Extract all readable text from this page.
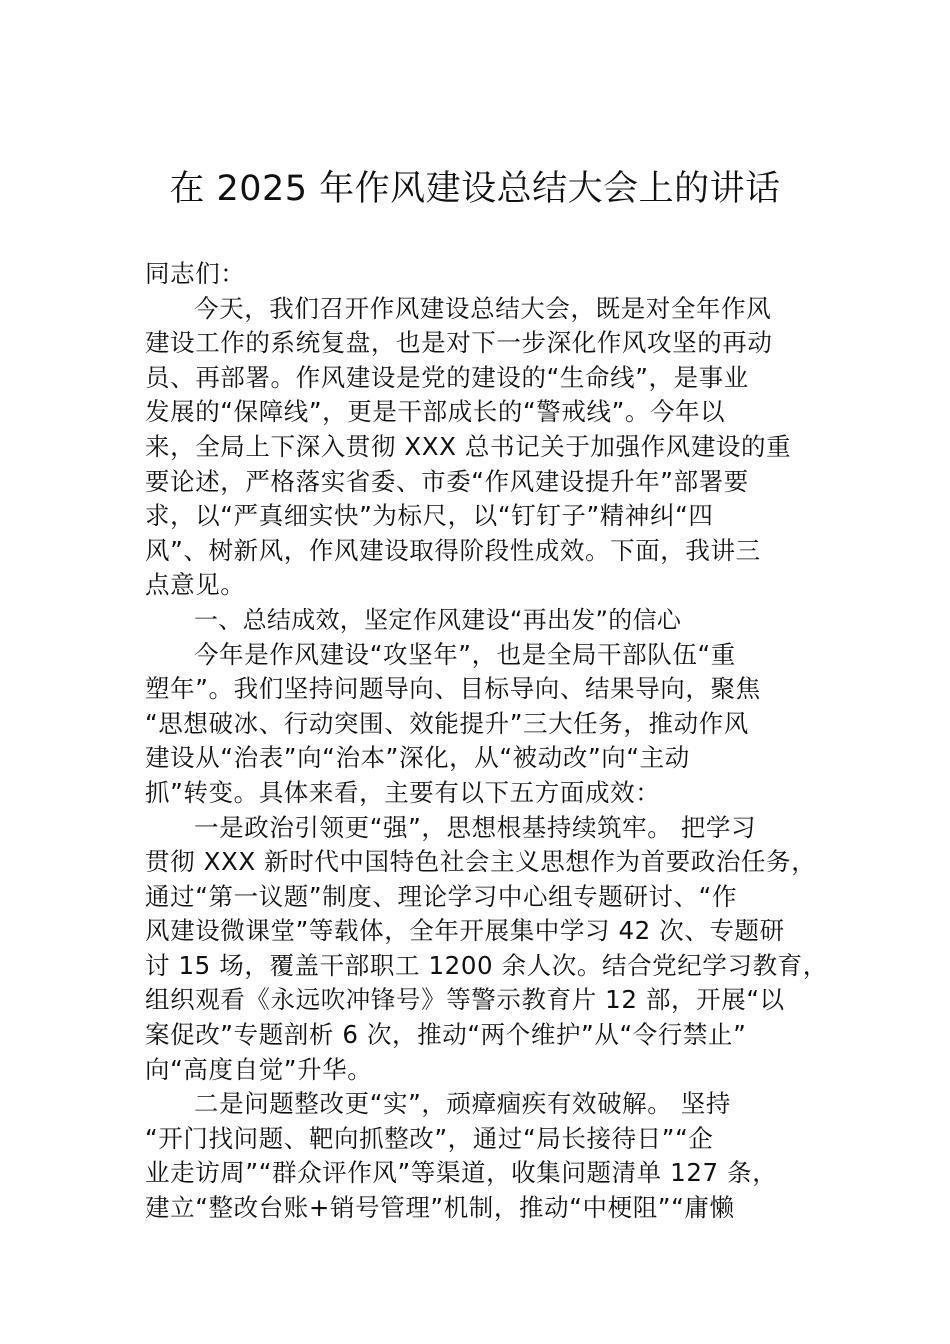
在 2025 年作风建设总结大会上的讲话
同志们：
今天，我们召开作风建设总结大会，既是对全年作风
建设工作的系统复盘，也是对下一步深化作风攻坚的再动
员、再部署。作风建设是党的建设的“生命线”，是事业
发展的“保障线”，更是干部成长的“警戒线”。今年以
来，全局上下深入贯彻 XXX 总书记关于加强作风建设的重
要论述，严格落实省委、市委“作风建设提升年”部署要
求，以“严真细实快”为标尺，以“钉钉子”精神纠“四
风”、树新风，作风建设取得阶段性成效。下面，我讲三
点意见。
一、总结成效，坚定作风建设“再出发”的信心
今年是作风建设“攻坚年”，也是全局干部队伍“重
塑年”。我们坚持问题导向、目标导向、结果导向，聚焦
“思想破冰、行动突围、效能提升”三大任务，推动作风
建设从“治表”向“治本”深化，从“被动改”向“主动
抓”转变。具体来看，主要有以下五方面成效：
一是政治引领更“强”，思想根基持续筑牢。 把学习
贯彻 XXX 新时代中国特色社会主义思想作为首要政治任务，
通过“第一议题”制度、理论学习中心组专题研讨、“作
风建设微课堂”等载体，全年开展集中学习 42 次、专题研
讨 15 场，覆盖干部职工 1200 余人次。结合党纪学习教育，
组织观看《永远吹冲锋号》等警示教育片 12 部，开展“以
案促改”专题剖析 6 次，推动“两个维护”从“令行禁止”
向“高度自觉”升华。
二是问题整改更“实”，顽瘴痼疾有效破解。 坚持
“开门找问题、靶向抓整改”，通过“局长接待日”“企
业走访周”“群众评作风”等渠道，收集问题清单 127 条，
建立“整改台账+销号管理”机制，推动“中梗阻”“庸懒
